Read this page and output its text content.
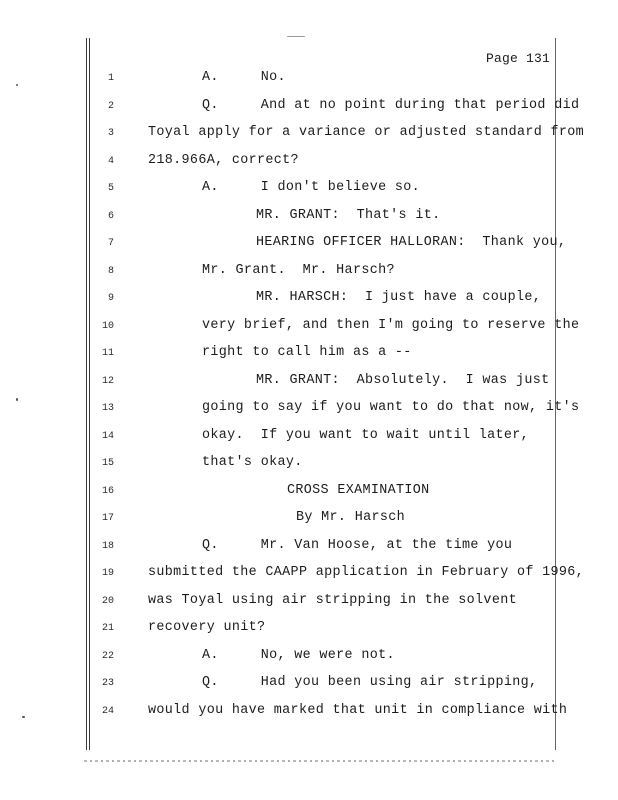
Page 131
1	A.     No.
2	Q.     And at no point during that period did
3	Toyal apply for a variance or adjusted standard from
4	218.966A, correct?
5	A.     I don't believe so.
6	MR. GRANT:  That's it.
7	HEARING OFFICER HALLORAN:  Thank you,
8	Mr. Grant.  Mr. Harsch?
9	MR. HARSCH:  I just have a couple,
10	very brief, and then I'm going to reserve the
11	right to call him as a --
12	MR. GRANT:  Absolutely.  I was just
13	going to say if you want to do that now, it's
14	okay.  If you want to wait until later,
15	that's okay.
16	CROSS EXAMINATION
17	By Mr. Harsch
18	Q.     Mr. Van Hoose, at the time you
19	submitted the CAAPP application in February of 1996,
20	was Toyal using air stripping in the solvent
21	recovery unit?
22	A.     No, we were not.
23	Q.     Had you been using air stripping,
24	would you have marked that unit in compliance with
